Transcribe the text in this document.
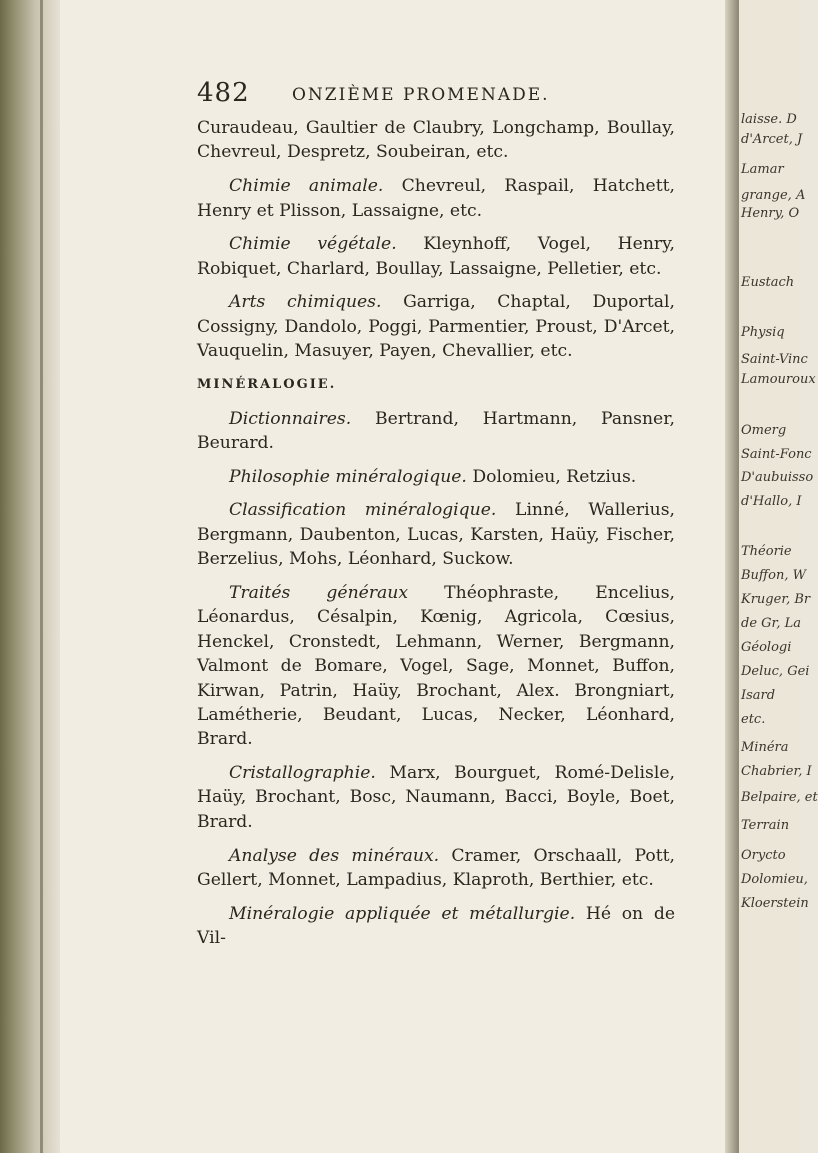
482 ONZIÈME PROMENADE.

Curaudeau, Gaultier de Claubry, Longchamp, Boullay, Chevreul, Despretz, Soubeiran, etc.

Chimie animale. Chevreul, Raspail, Hatchett, Henry et Plisson, Lassaigne, etc.

Chimie végétale. Kleynhoff, Vogel, Henry, Robiquet, Charlard, Boullay, Lassaigne, Pelletier, etc.

Arts chimiques. Garriga, Chaptal, Duportal, Cossigny, Dandolo, Poggi, Parmentier, Proust, D'Arcet, Vauquelin, Masuyer, Payen, Chevallier, etc.

MINÉRALOGIE.

Dictionnaires. Bertrand, Hartmann, Pansner, Beurard.

Philosophie minéralogique. Dolomieu, Retzius.

Classification minéralogique. Linné, Wallerius, Bergmann, Daubenton, Lucas, Karsten, Haüy, Fischer, Berzelius, Mohs, Léonhard, Suckow.

Traités généraux Théophraste, Encelius, Léonardus, Césalpin, Kœnig, Agricola, Cœsius, Henckel, Cronstedt, Lehmann, Werner, Bergmann, Valmont de Bomare, Vogel, Sage, Monnet, Buffon, Kirwan, Patrin, Haüy, Brochant, Alex. Brongniart, Lamétherie, Beudant, Lucas, Necker, Léonhard, Brard.

Cristallographie. Marx, Bourguet, Romé-Delisle, Haüy, Brochant, Bosc, Naumann, Bacci, Boyle, Boet, Brard.

Analyse des minéraux. Cramer, Orschaall, Pott, Gellert, Monnet, Lampadius, Klaproth, Berthier, etc.

Minéralogie appliquée et métallurgie. Hé on de Vil-

laisse. D
d'Arcet, J
Lamar
grange, A
Henry, O
Eustach
Physiq
Saint-Vinc
Lamouroux
Omerg
Saint-Fonc
D'aubuisso
d'Hallo, I
Théorie
Buffon, W
Kruger, Br
de Gr, La
Géologi
Deluc, Gei
Isard
etc.
Minéra
Chabrier, I
Belpaire, et
Terrain
Orycto
Dolomieu,
Kloerstein
